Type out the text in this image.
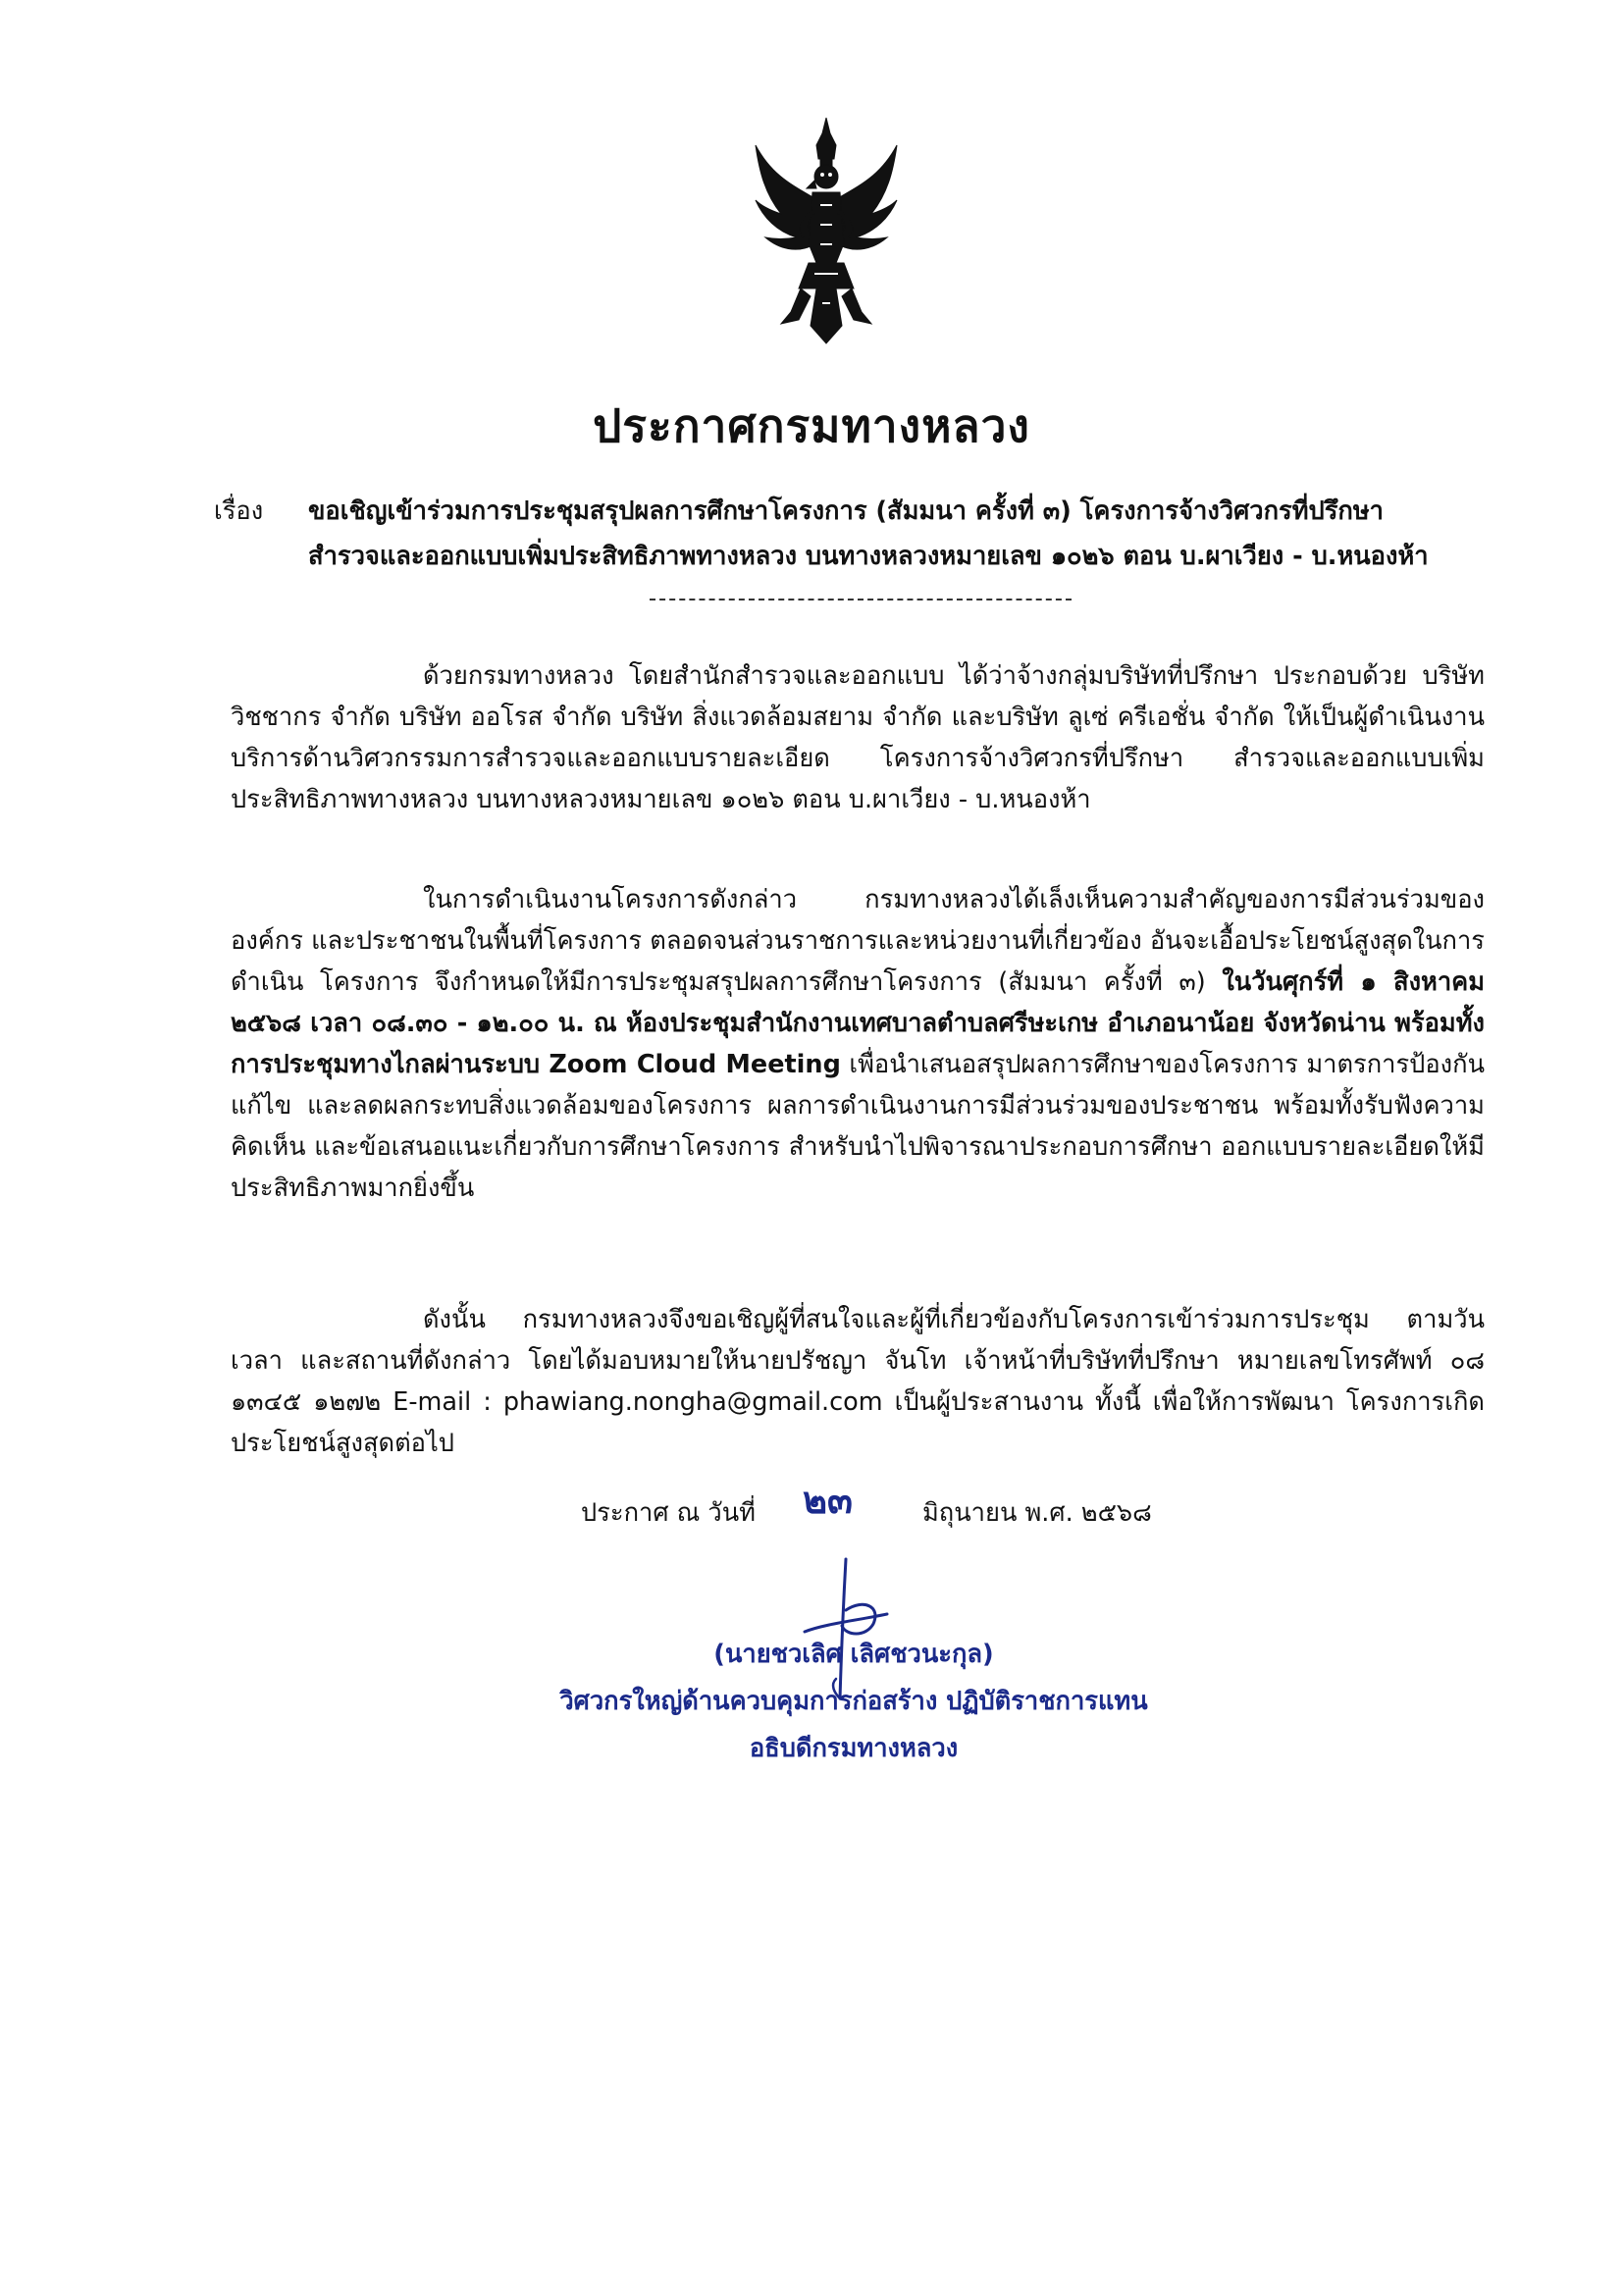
ประกาศกรมทางหลวง
เรื่อง ขอเชิญเข้าร่วมการประชุมสรุปผลการศึกษาโครงการ (สัมมนา ครั้งที่ ๓) โครงการจ้างวิศวกรที่ปรึกษา
สำรวจและออกแบบเพิ่มประสิทธิภาพทางหลวง บนทางหลวงหมายเลข ๑๐๒๖ ตอน บ.ผาเวียง - บ.หนองห้า

ด้วยกรมทางหลวง โดยสำนักสำรวจและออกแบบ ได้ว่าจ้างกลุ่มบริษัทที่ปรึกษา ประกอบด้วย บริษัท วิชชากร จำกัด บริษัท ออโรส จำกัด บริษัท สิ่งแวดล้อมสยาม จำกัด และบริษัท ลูเซ่ ครีเอชั่น จำกัด ให้เป็นผู้ดำเนินงานบริการด้านวิศวกรรมการสำรวจและออกแบบรายละเอียด โครงการจ้างวิศวกรที่ปรึกษา สำรวจและออกแบบเพิ่มประสิทธิภาพทางหลวง บนทางหลวงหมายเลข ๑๐๒๖ ตอน บ.ผาเวียง - บ.หนองห้า

ในการดำเนินงานโครงการดังกล่าว กรมทางหลวงได้เล็งเห็นความสำคัญของการมีส่วนร่วมขององค์กร และประชาชนในพื้นที่โครงการ ตลอดจนส่วนราชการและหน่วยงานที่เกี่ยวข้อง อันจะเอื้อประโยชน์สูงสุดในการดำเนิน โครงการ จึงกำหนดให้มีการประชุมสรุปผลการศึกษาโครงการ (สัมมนา ครั้งที่ ๓) ในวันศุกร์ที่ ๑ สิงหาคม ๒๕๖๘ เวลา ๐๘.๓๐ - ๑๒.๐๐ น. ณ ห้องประชุมสำนักงานเทศบาลตำบลศรีษะเกษ อำเภอนาน้อย จังหวัดน่าน พร้อมทั้งการประชุมทางไกลผ่านระบบ Zoom Cloud Meeting เพื่อนำเสนอสรุปผลการศึกษาของโครงการ มาตรการป้องกัน แก้ไข และลดผลกระทบสิ่งแวดล้อมของโครงการ ผลการดำเนินงานการมีส่วนร่วมของประชาชน พร้อมทั้งรับฟังความคิดเห็น และข้อเสนอแนะเกี่ยวกับการศึกษาโครงการ สำหรับนำไปพิจารณาประกอบการศึกษา ออกแบบรายละเอียดให้มีประสิทธิภาพมากยิ่งขึ้น

ดังนั้น กรมทางหลวงจึงขอเชิญผู้ที่สนใจและผู้ที่เกี่ยวข้องกับโครงการเข้าร่วมการประชุม ตามวัน เวลา และสถานที่ดังกล่าว โดยได้มอบหมายให้นายปรัชญา จันโท เจ้าหน้าที่บริษัทที่ปรึกษา หมายเลขโทรศัพท์ ๐๘ ๑๓๔๕ ๑๒๗๒ E-mail : phawiang.nongha@gmail.com เป็นผู้ประสานงาน ทั้งนี้ เพื่อให้การพัฒนา โครงการเกิดประโยชน์สูงสุดต่อไป

ประกาศ ณ วันที่ ๒๓	มิถุนายน พ.ศ. ๒๕๖๘
(นายชวเลิศ เลิศชวนะกุล)
วิศวกรใหญ่ด้านควบคุมการก่อสร้าง ปฏิบัติราชการแทน
อธิบดีกรมทางหลวง
